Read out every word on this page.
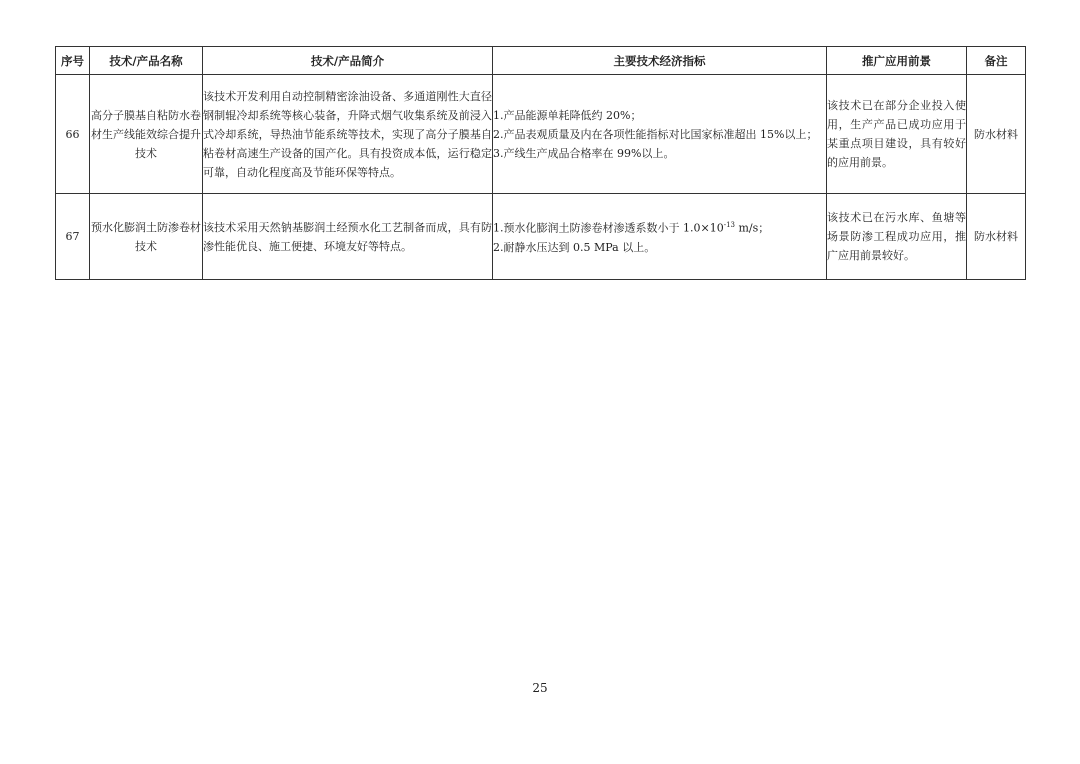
序号	技术/产品名称	技术/产品简介	主要技术经济指标	推广应用前景	备注
66	高分子膜基自粘防水卷材生产线能效综合提升技术	该技术开发利用自动控制精密涂油设备、多通道刚性大直径钢制辊冷却系统等核心装备，升降式烟气收集系统及前浸入式冷却系统，导热油节能系统等技术，实现了高分子膜基自粘卷材高速生产设备的国产化。具有投资成本低，运行稳定可靠，自动化程度高及节能环保等特点。	1.产品能源单耗降低约 20%；
2.产品表观质量及内在各项性能指标对比国家标准超出 15%以上；
3.产线生产成品合格率在 99%以上。	该技术已在部分企业投入使用，生产产品已成功应用于某重点项目建设，具有较好的应用前景。	防水材料
67	预水化膨润土防渗卷材技术	该技术采用天然钠基膨润土经预水化工艺制备而成，具有防渗性能优良、施工便捷、环境友好等特点。	1.预水化膨润土防渗卷材渗透系数小于 $1.0\times 10^{-13}$ m/s；
2.耐静水压达到 0.5 MPa 以上。	该技术已在污水库、鱼塘等场景防渗工程成功应用，推广应用前景较好。	防水材料
25
